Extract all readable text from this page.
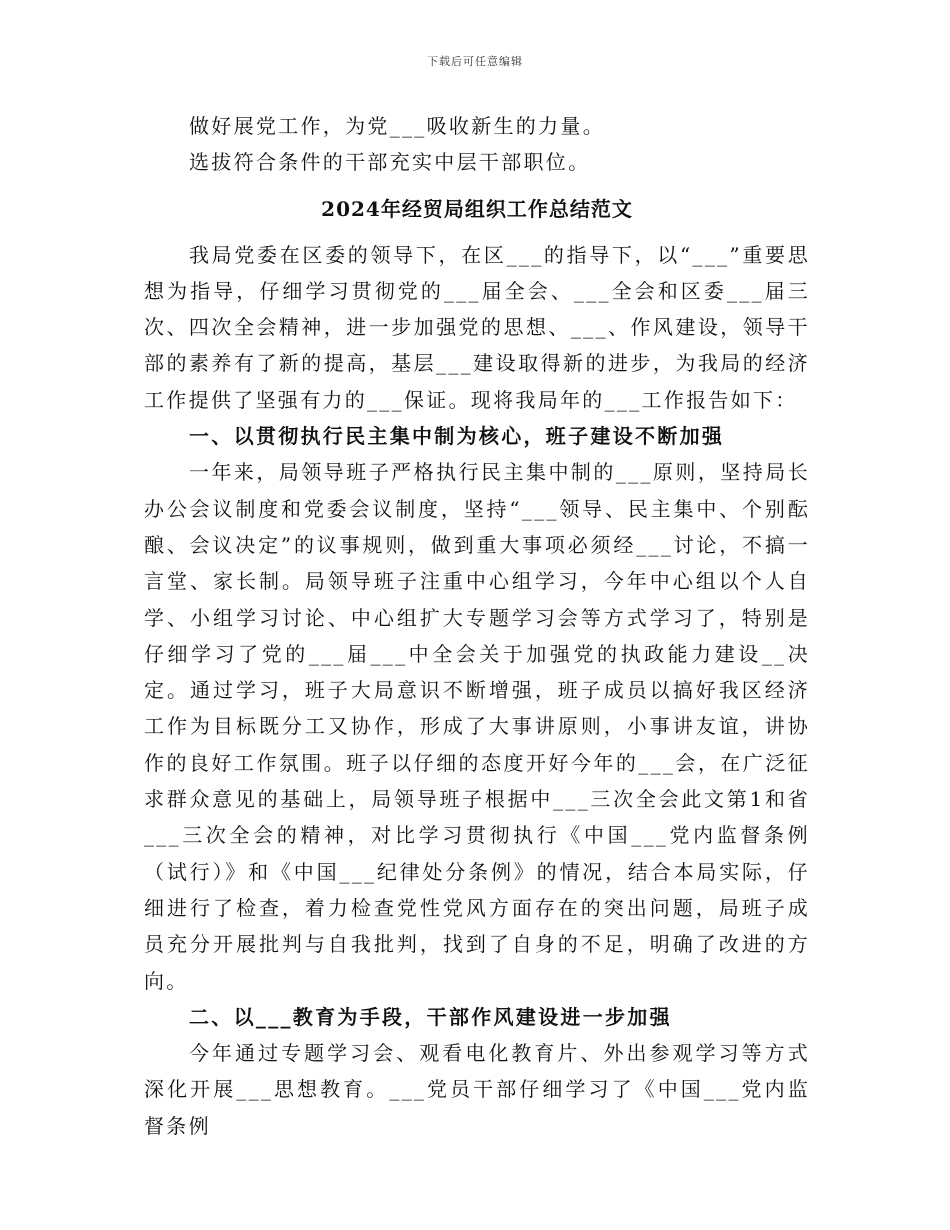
下载后可任意编辑

做好展党工作，为党___吸收新生的力量。

选拔符合条件的干部充实中层干部职位。

2024年经贸局组织工作总结范文

我局党委在区委的领导下，在区___的指导下，以“___”重要思想为指导，仔细学习贯彻党的___届全会、___全会和区委___届三次、四次全会精神，进一步加强党的思想、___、作风建设，领导干部的素养有了新的提高，基层___建设取得新的进步，为我局的经济工作提供了坚强有力的___保证。现将我局年的___工作报告如下：

一、以贯彻执行民主集中制为核心，班子建设不断加强

一年来，局领导班子严格执行民主集中制的___原则，坚持局长办公会议制度和党委会议制度，坚持“___领导、民主集中、个别酝酿、会议决定”的议事规则，做到重大事项必须经___讨论，不搞一言堂、家长制。局领导班子注重中心组学习，今年中心组以个人自学、小组学习讨论、中心组扩大专题学习会等方式学习了，特别是仔细学习了党的___届___中全会关于加强党的执政能力建设__决定。通过学习，班子大局意识不断增强，班子成员以搞好我区经济工作为目标既分工又协作，形成了大事讲原则，小事讲友谊，讲协作的良好工作氛围。班子以仔细的态度开好今年的___会，在广泛征求群众意见的基础上，局领导班子根据中___三次全会此文第1和省___三次全会的精神，对比学习贯彻执行《中国___党内监督条例（试行）》和《中国___纪律处分条例》的情况，结合本局实际，仔细进行了检查，着力检查党性党风方面存在的突出问题，局班子成员充分开展批判与自我批判，找到了自身的不足，明确了改进的方向。

二、以___教育为手段，干部作风建设进一步加强

今年通过专题学习会、观看电化教育片、外出参观学习等方式深化开展___思想教育。___党员干部仔细学习了《中国___党内监督条例
